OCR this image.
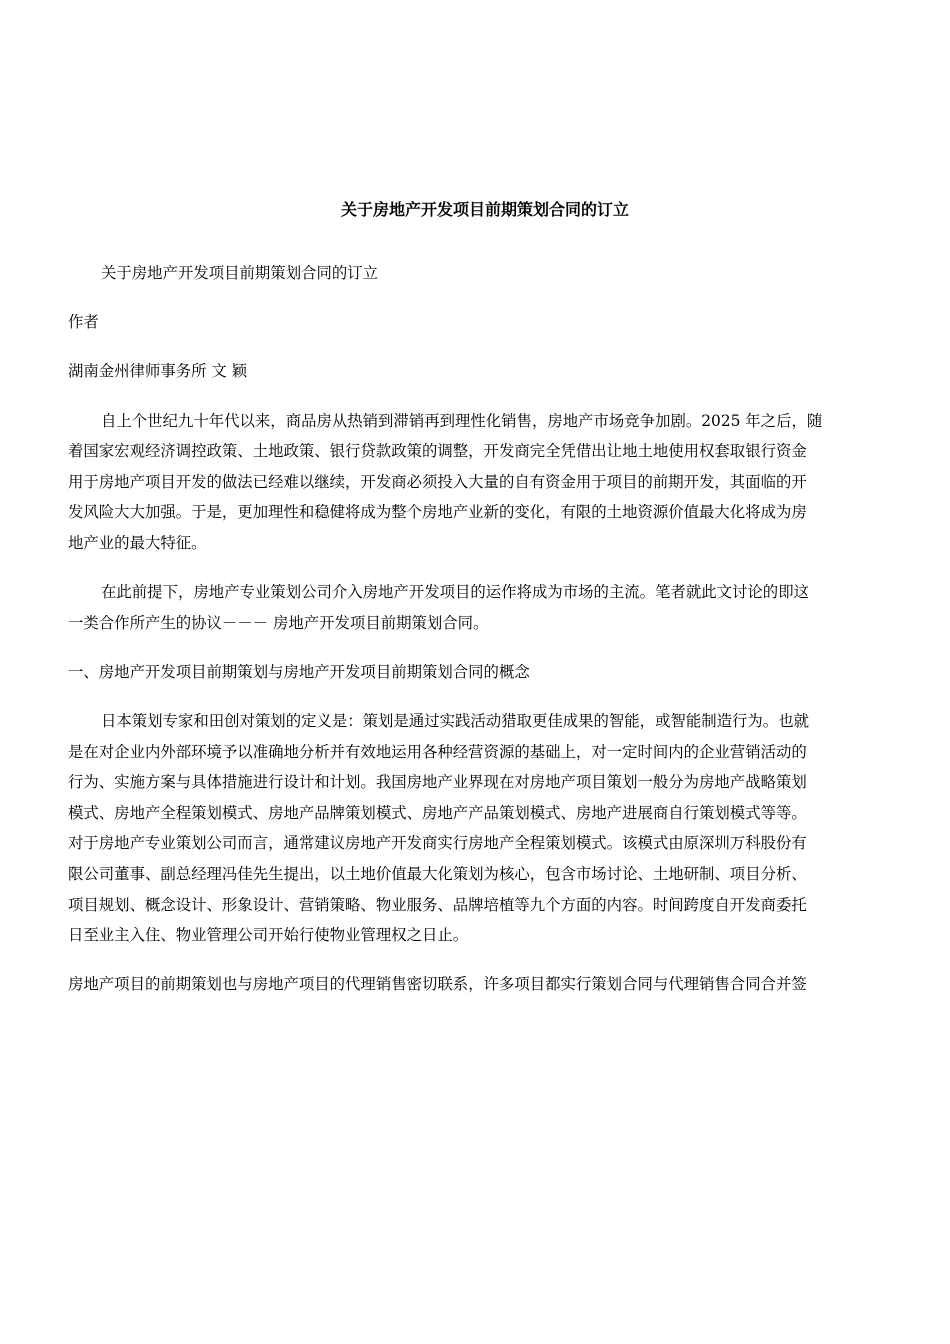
关于房地产开发项目前期策划合同的订立

关于房地产开发项目前期策划合同的订立

作者

湖南金州律师事务所 文 颖

自上个世纪九十年代以来，商品房从热销到滞销再到理性化销售，房地产市场竞争加剧。2025 年之后，随

着国家宏观经济调控政策、土地政策、银行贷款政策的调整，开发商完全凭借出让地土地使用权套取银行资金

用于房地产项目开发的做法已经难以继续，开发商必须投入大量的自有资金用于项目的前期开发，其面临的开

发风险大大加强。于是，更加理性和稳健将成为整个房地产业新的变化，有限的土地资源价值最大化将成为房

地产业的最大特征。

在此前提下，房地产专业策划公司介入房地产开发项目的运作将成为市场的主流。笔者就此文讨论的即这

一类合作所产生的协议－－－ 房地产开发项目前期策划合同。

一、房地产开发项目前期策划与房地产开发项目前期策划合同的概念

日本策划专家和田创对策划的定义是：策划是通过实践活动猎取更佳成果的智能，或智能制造行为。也就

是在对企业内外部环境予以准确地分析并有效地运用各种经营资源的基础上，对一定时间内的企业营销活动的

行为、实施方案与具体措施进行设计和计划。我国房地产业界现在对房地产项目策划一般分为房地产战略策划

模式、房地产全程策划模式、房地产品牌策划模式、房地产产品策划模式、房地产进展商自行策划模式等等。

对于房地产专业策划公司而言，通常建议房地产开发商实行房地产全程策划模式。该模式由原深圳万科股份有

限公司董事、副总经理冯佳先生提出，以土地价值最大化策划为核心，包含市场讨论、土地研制、项目分析、

项目规划、概念设计、形象设计、营销策略、物业服务、品牌培植等九个方面的内容。时间跨度自开发商委托

日至业主入住、物业管理公司开始行使物业管理权之日止。

房地产项目的前期策划也与房地产项目的代理销售密切联系，许多项目都实行策划合同与代理销售合同合并签
